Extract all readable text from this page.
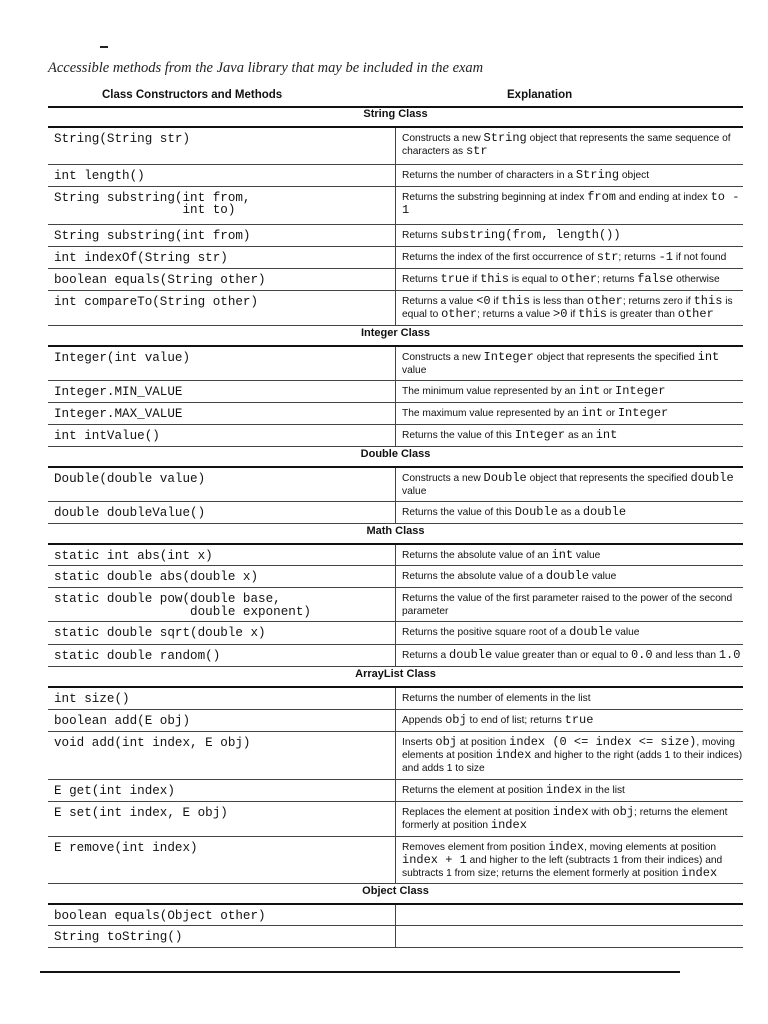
Accessible methods from the Java library that may be included in the exam
Class Constructors and Methods	Explanation
String Class	
String(String str)	Constructs a new String object that represents the same sequence of characters as str
int length()	Returns the number of characters in a String object
String substring(int from,
int to)	Returns the substring beginning at index from and ending at index to - 1
String substring(int from)	Returns substring(from, length())
int indexOf(String str)	Returns the index of the first occurrence of str; returns -1 if not found
boolean equals(String other)	Returns true if this is equal to other; returns false otherwise
int compareTo(String other)	Returns a value <0 if this is less than other; returns zero if this is equal to other; returns a value >0 if this is greater than other
Integer Class	
Integer(int value)	Constructs a new Integer object that represents the specified int value
Integer.MIN_VALUE	The minimum value represented by an int or Integer
Integer.MAX_VALUE	The maximum value represented by an int or Integer
int intValue()	Returns the value of this Integer as an int
Double Class	
Double(double value)	Constructs a new Double object that represents the specified double value
double doubleValue()	Returns the value of this Double as a double
Math Class	
static int abs(int x)	Returns the absolute value of an int value
static double abs(double x)	Returns the absolute value of a double value
static double pow(double base,
double exponent)	Returns the value of the first parameter raised to the power of the second parameter
static double sqrt(double x)	Returns the positive square root of a double value
static double random()	Returns a double value greater than or equal to 0.0 and less than 1.0
ArrayList Class	
int size()	Returns the number of elements in the list
boolean add(E obj)	Appends obj to end of list; returns true
void add(int index, E obj)	Inserts obj at position index (0 <= index <= size), moving elements at position index and higher to the right (adds 1 to their indices) and adds 1 to size
E get(int index)	Returns the element at position index in the list
E set(int index, E obj)	Replaces the element at position index with obj; returns the element formerly at position index
E remove(int index)	Removes element from position index, moving elements at position index + 1 and higher to the left (subtracts 1 from their indices) and subtracts 1 from size; returns the element formerly at position index
Object Class	
boolean equals(Object other)	
String toString()	
